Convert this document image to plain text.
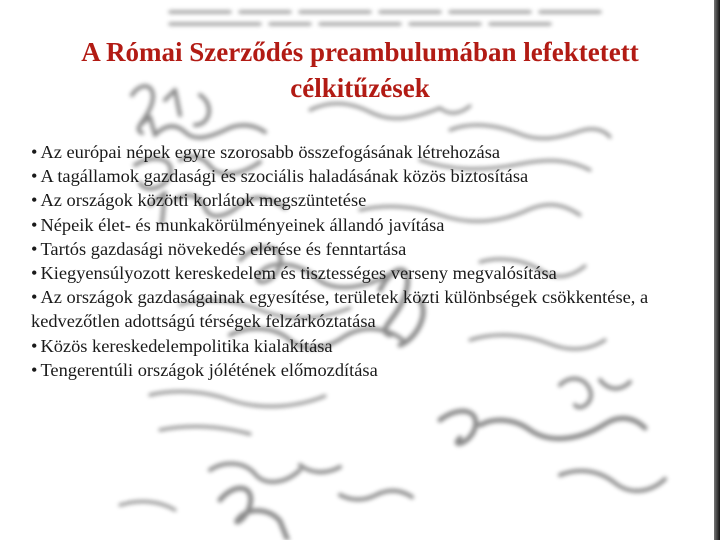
A Római Szerződés preambulumában lefektetett
célkitűzések
• Az európai népek egyre szorosabb összefogásának létrehozása
• A tagállamok gazdasági és szociális haladásának közös biztosítása
• Az országok közötti korlátok megszüntetése
• Népeik élet- és munkakörülményeinek állandó javítása
• Tartós gazdasági növekedés elérése és fenntartása
• Kiegyensúlyozott kereskedelem és tisztességes verseny megvalósítása
• Az országok gazdaságainak egyesítése, területek közti különbségek csökkentése, a kedvezőtlen adottságú térségek felzárkóztatása
• Közös kereskedelempolitika kialakítása
• Tengerentúli országok jólétének előmozdítása
